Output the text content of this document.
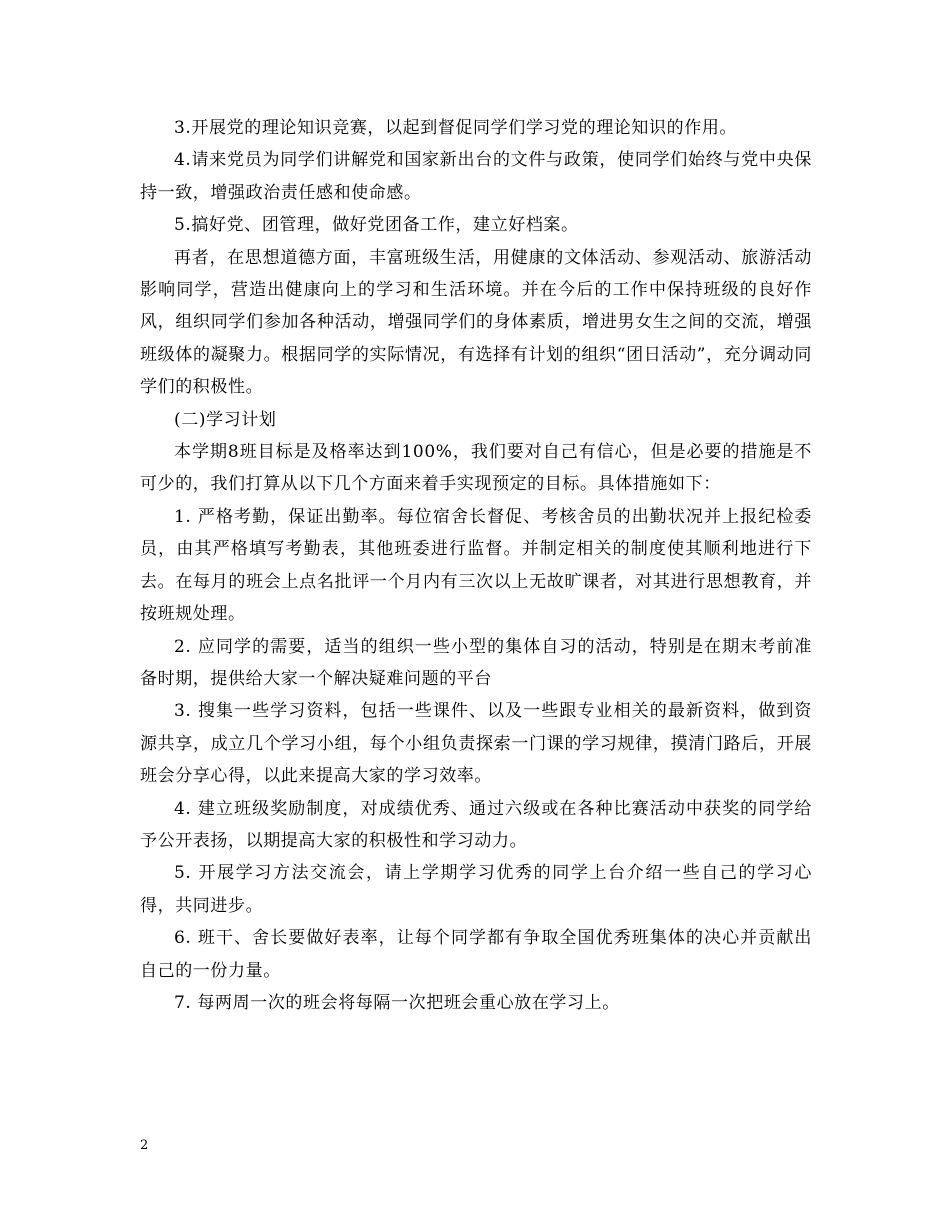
3.开展党的理论知识竞赛，以起到督促同学们学习党的理论知识的作用。

4.请来党员为同学们讲解党和国家新出台的文件与政策，使同学们始终与党中央保持一致，增强政治责任感和使命感。

5.搞好党、团管理，做好党团备工作，建立好档案。

再者，在思想道德方面，丰富班级生活，用健康的文体活动、参观活动、旅游活动影响同学，营造出健康向上的学习和生活环境。并在今后的工作中保持班级的良好作风，组织同学们参加各种活动，增强同学们的身体素质，增进男女生之间的交流，增强班级体的凝聚力。根据同学的实际情况，有选择有计划的组织“团日活动”，充分调动同学们的积极性。

(二)学习计划

本学期8班目标是及格率达到100%，我们要对自己有信心，但是必要的措施是不可少的，我们打算从以下几个方面来着手实现预定的目标。具体措施如下：

1. 严格考勤，保证出勤率。每位宿舍长督促、考核舍员的出勤状况并上报纪检委员，由其严格填写考勤表，其他班委进行监督。并制定相关的制度使其顺利地进行下去。在每月的班会上点名批评一个月内有三次以上无故旷课者，对其进行思想教育，并按班规处理。

2. 应同学的需要，适当的组织一些小型的集体自习的活动，特别是在期末考前准备时期，提供给大家一个解决疑难问题的平台

3. 搜集一些学习资料，包括一些课件、以及一些跟专业相关的最新资料，做到资源共享，成立几个学习小组，每个小组负责探索一门课的学习规律，摸清门路后，开展班会分享心得，以此来提高大家的学习效率。

4. 建立班级奖励制度，对成绩优秀、通过六级或在各种比赛活动中获奖的同学给予公开表扬，以期提高大家的积极性和学习动力。

5. 开展学习方法交流会，请上学期学习优秀的同学上台介绍一些自己的学习心得，共同进步。

6. 班干、舍长要做好表率，让每个同学都有争取全国优秀班集体的决心并贡献出自己的一份力量。

7. 每两周一次的班会将每隔一次把班会重心放在学习上。

2
